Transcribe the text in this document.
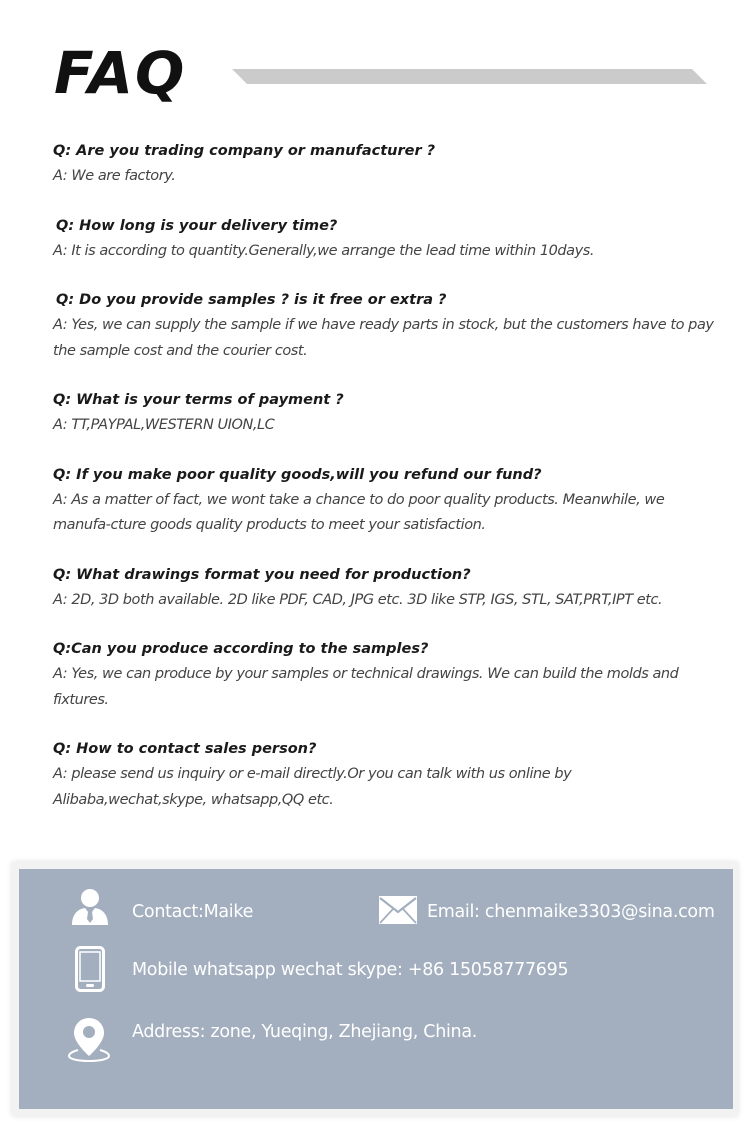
FAQ
Q: Are you trading company or manufacturer ?
A: We are factory.
Q: How long is your delivery time?
A: It is according to quantity.Generally,we arrange the lead time within 10days.
Q: Do you provide samples ? is it free or extra ?
A: Yes, we can supply the sample if we have ready parts in stock, but the customers have to pay the sample cost and the courier cost.
Q: What is your terms of payment ?
A: TT,PAYPAL,WESTERN UION,LC
Q: If you make poor quality goods,will you refund our fund?
A: As a matter of fact, we wont take a chance to do poor quality products. Meanwhile, we manufa-cture goods quality products to meet your satisfaction.
Q: What drawings format you need for production?
A: 2D, 3D both available. 2D like PDF, CAD, JPG etc. 3D like STP, IGS, STL, SAT,PRT,IPT etc.
Q:Can you produce according to the samples?
A: Yes, we can produce by your samples or technical drawings. We can build the molds and fixtures.
Q: How to contact sales person?
A: please send us inquiry or e-mail directly.Or you can talk with us online by Alibaba,wechat,skype, whatsapp,QQ etc.
Contact:Maike	Email: chenmaike3303@sina.com
Mobile whatsapp wechat skype: +86 15058777695
Address: zone, Yueqing, Zhejiang, China.
